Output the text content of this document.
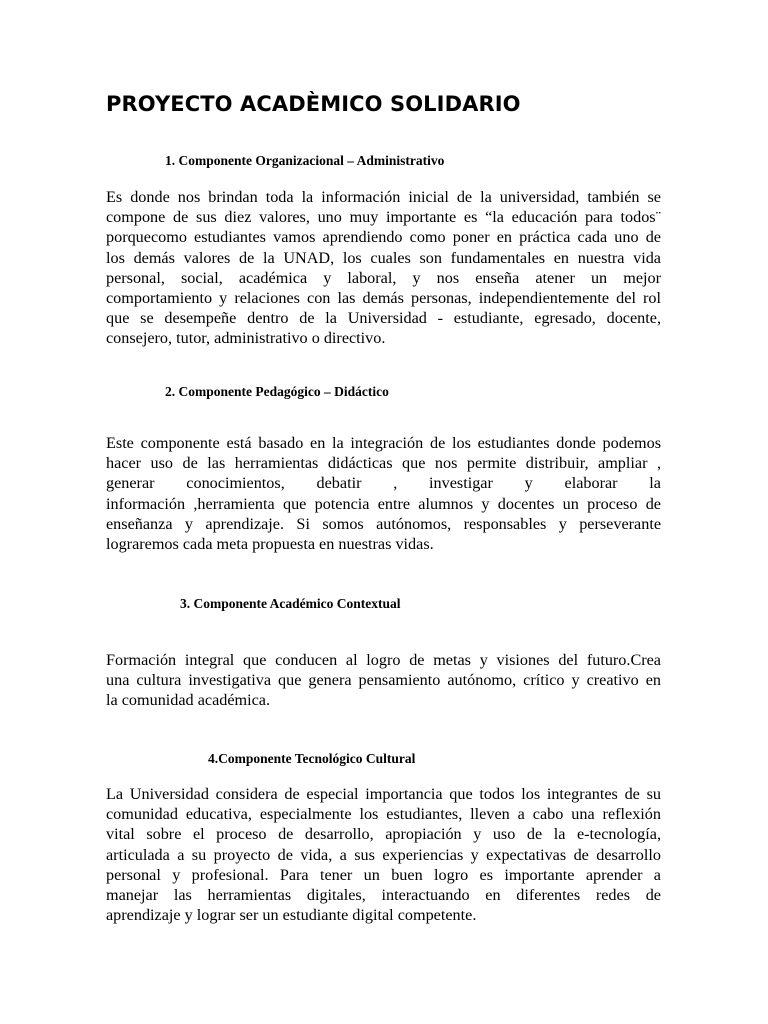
PROYECTO ACADÈMICO SOLIDARIO
1. Componente Organizacional – Administrativo
Es donde nos brindan toda la información inicial de la universidad, también se
compone de sus diez valores, uno muy importante es “la educación para todos¨
porquecomo estudiantes vamos aprendiendo como poner en práctica cada uno de
los demás valores de la UNAD, los cuales son fundamentales en nuestra vida
personal, social, académica y laboral, y nos enseña atener un mejor
comportamiento y relaciones con las demás personas, independientemente del rol
que se desempeñe dentro de la Universidad - estudiante, egresado, docente,
consejero, tutor, administrativo o directivo.
2. Componente Pedagógico – Didáctico
Este componente está basado en la integración de los estudiantes donde podemos
hacer uso de las herramientas didácticas que nos permite distribuir, ampliar ,
generar conocimientos, debatir , investigar y elaborar la
información ,herramienta que potencia entre alumnos y docentes un proceso de
enseñanza y aprendizaje. Si somos autónomos, responsables y perseverante
lograremos cada meta propuesta en nuestras vidas.
3. Componente Académico Contextual
Formación integral que conducen al logro de metas y visiones del futuro.Crea
una cultura investigativa que genera pensamiento autónomo, crítico y creativo en
la comunidad académica.
4.Componente Tecnológico Cultural
La Universidad considera de especial importancia que todos los integrantes de su
comunidad educativa, especialmente los estudiantes, lleven a cabo una reflexión
vital sobre el proceso de desarrollo, apropiación y uso de la e-tecnología,
articulada a su proyecto de vida, a sus experiencias y expectativas de desarrollo
personal y profesional. Para tener un buen logro es importante aprender a
manejar las herramientas digitales, interactuando en diferentes redes de
aprendizaje y lograr ser un estudiante digital competente.
